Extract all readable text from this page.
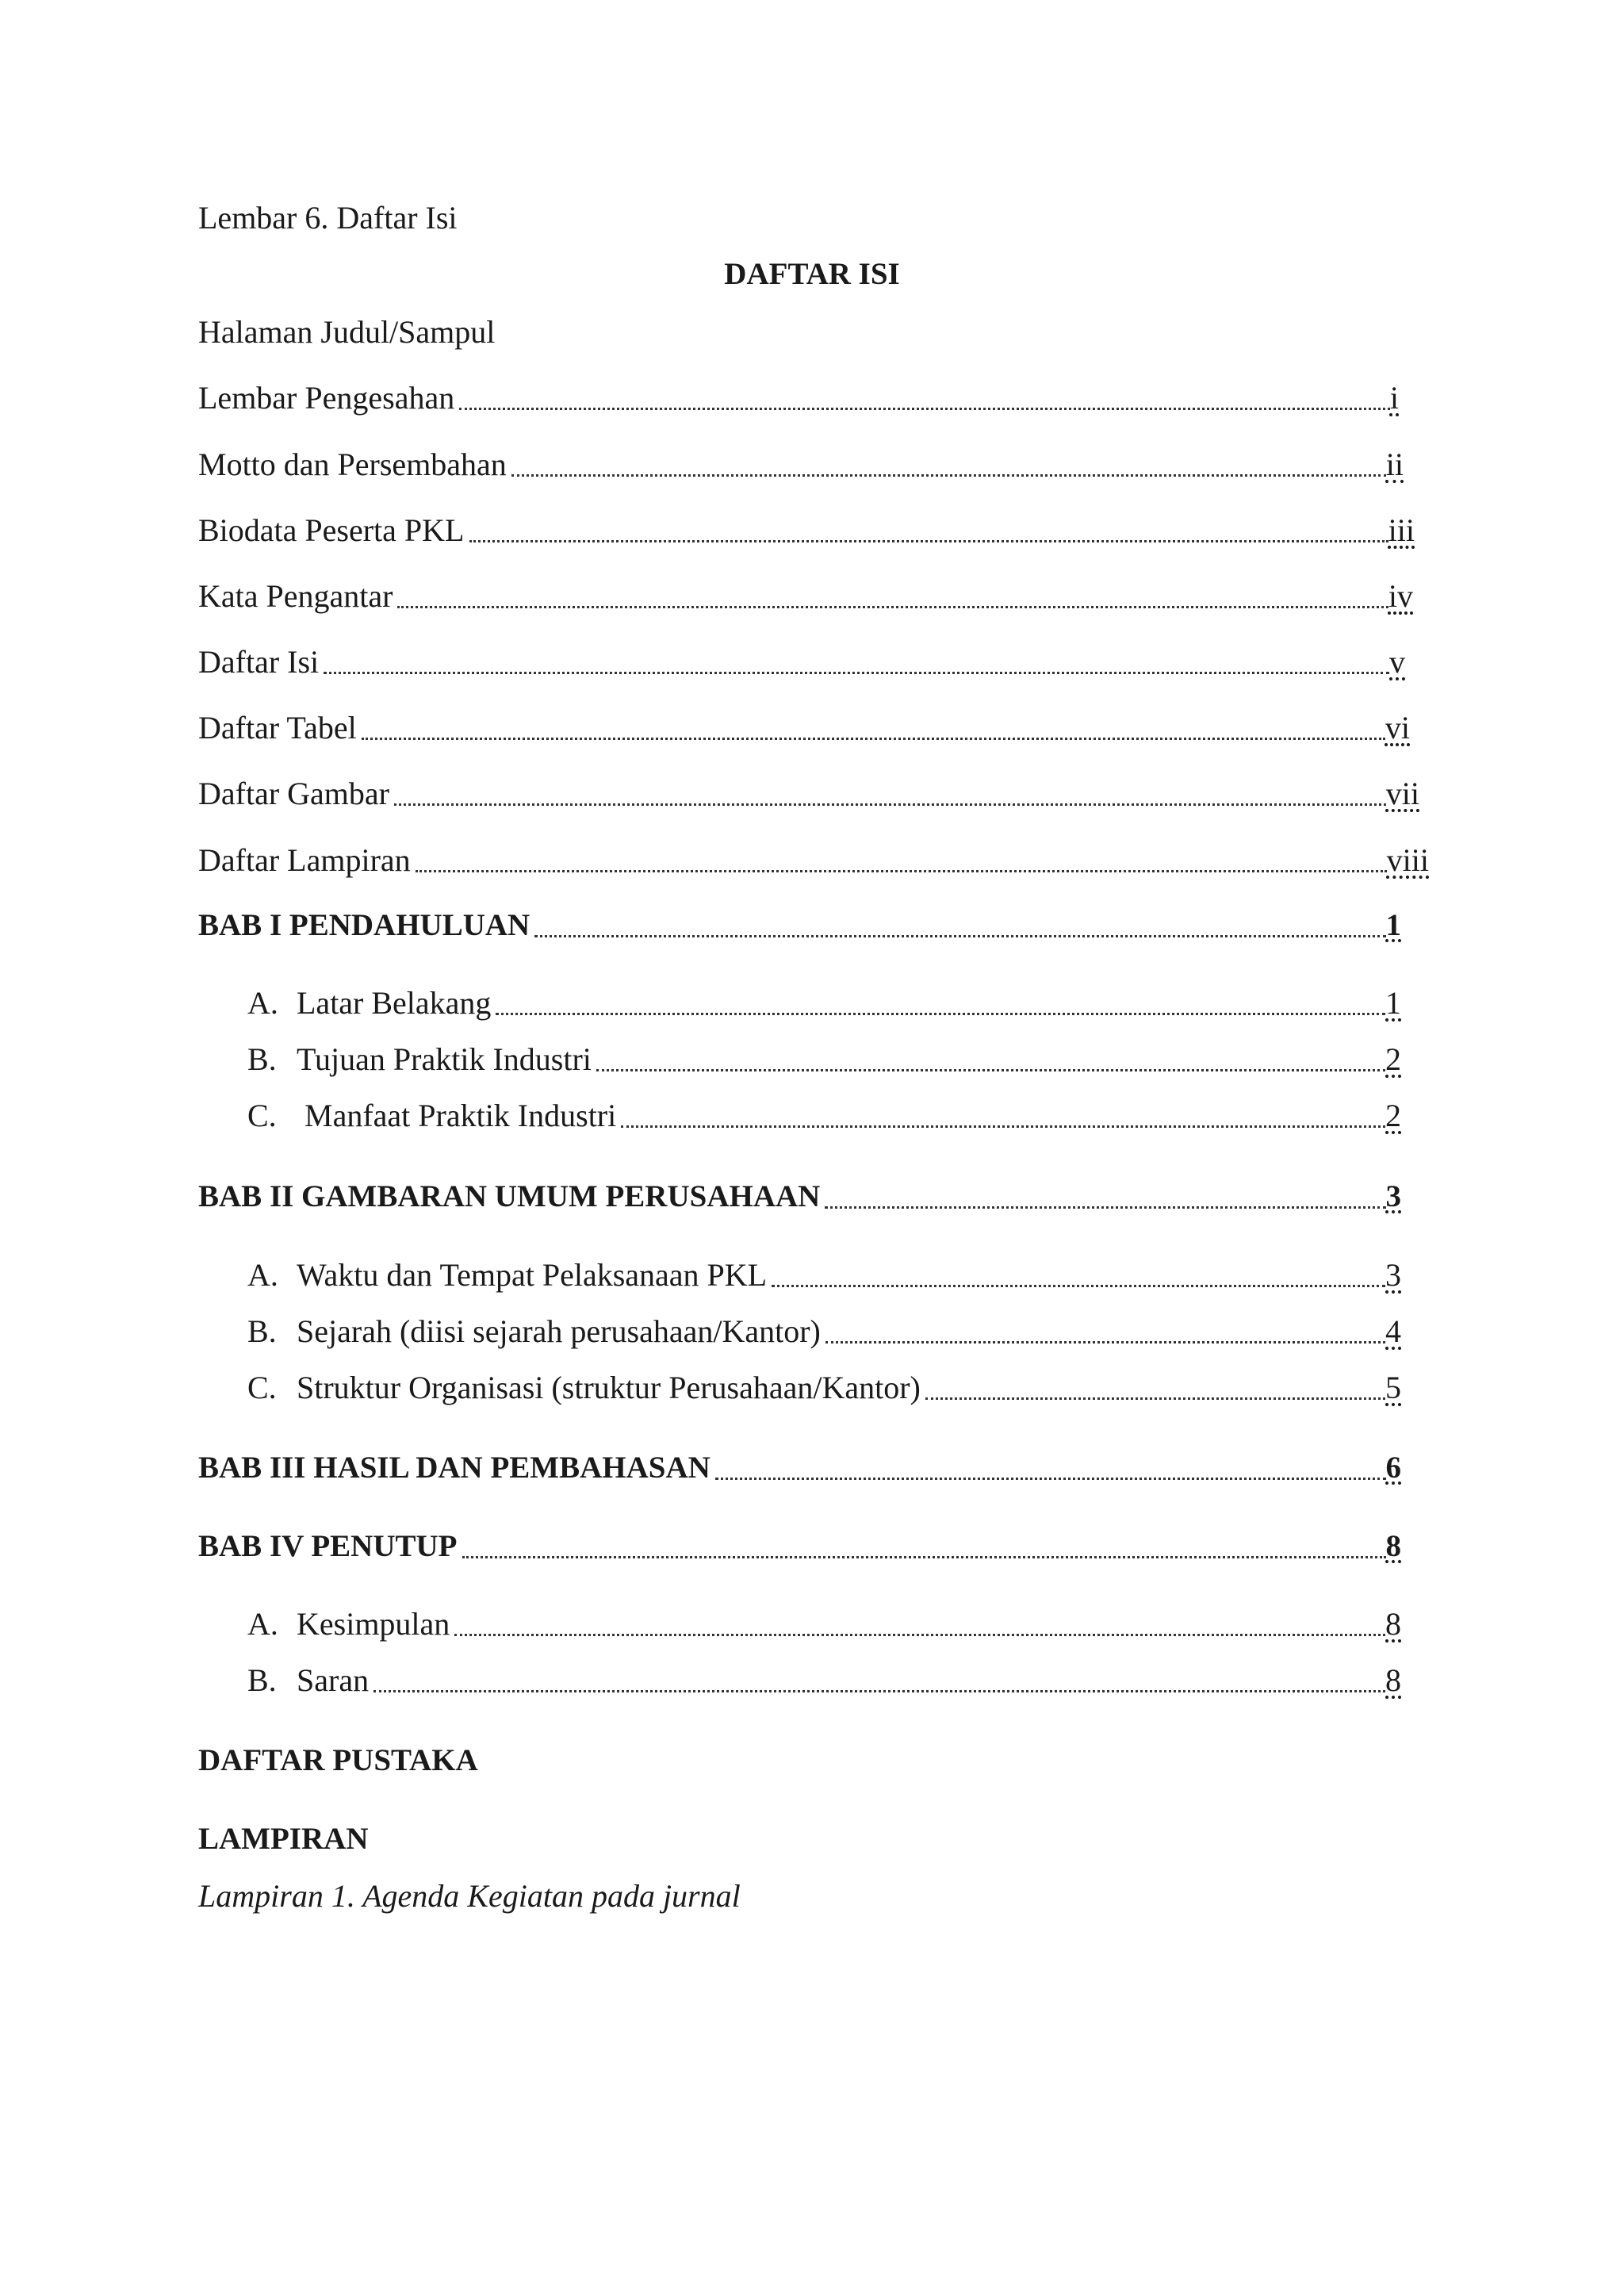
Lembar 6. Daftar Isi
DAFTAR ISI
Halaman Judul/Sampul
Lembar Pengesahan	i
Motto dan Persembahan	ii
Biodata Peserta PKL	iii
Kata Pengantar	iv
Daftar Isi	v
Daftar Tabel	vi
Daftar Gambar	vii
Daftar Lampiran	viii
BAB I PENDAHULUAN	1
A. Latar Belakang	1
B. Tujuan Praktik Industri	2
C. Manfaat Praktik Industri	2
BAB II GAMBARAN UMUM PERUSAHAAN	3
A. Waktu dan Tempat Pelaksanaan PKL	3
B. Sejarah (diisi sejarah perusahaan/Kantor)	4
C. Struktur Organisasi (struktur Perusahaan/Kantor)	5
BAB III HASIL DAN PEMBAHASAN	6
BAB IV PENUTUP	8
A. Kesimpulan	8
B. Saran	8
DAFTAR PUSTAKA
LAMPIRAN
Lampiran 1. Agenda Kegiatan pada jurnal
